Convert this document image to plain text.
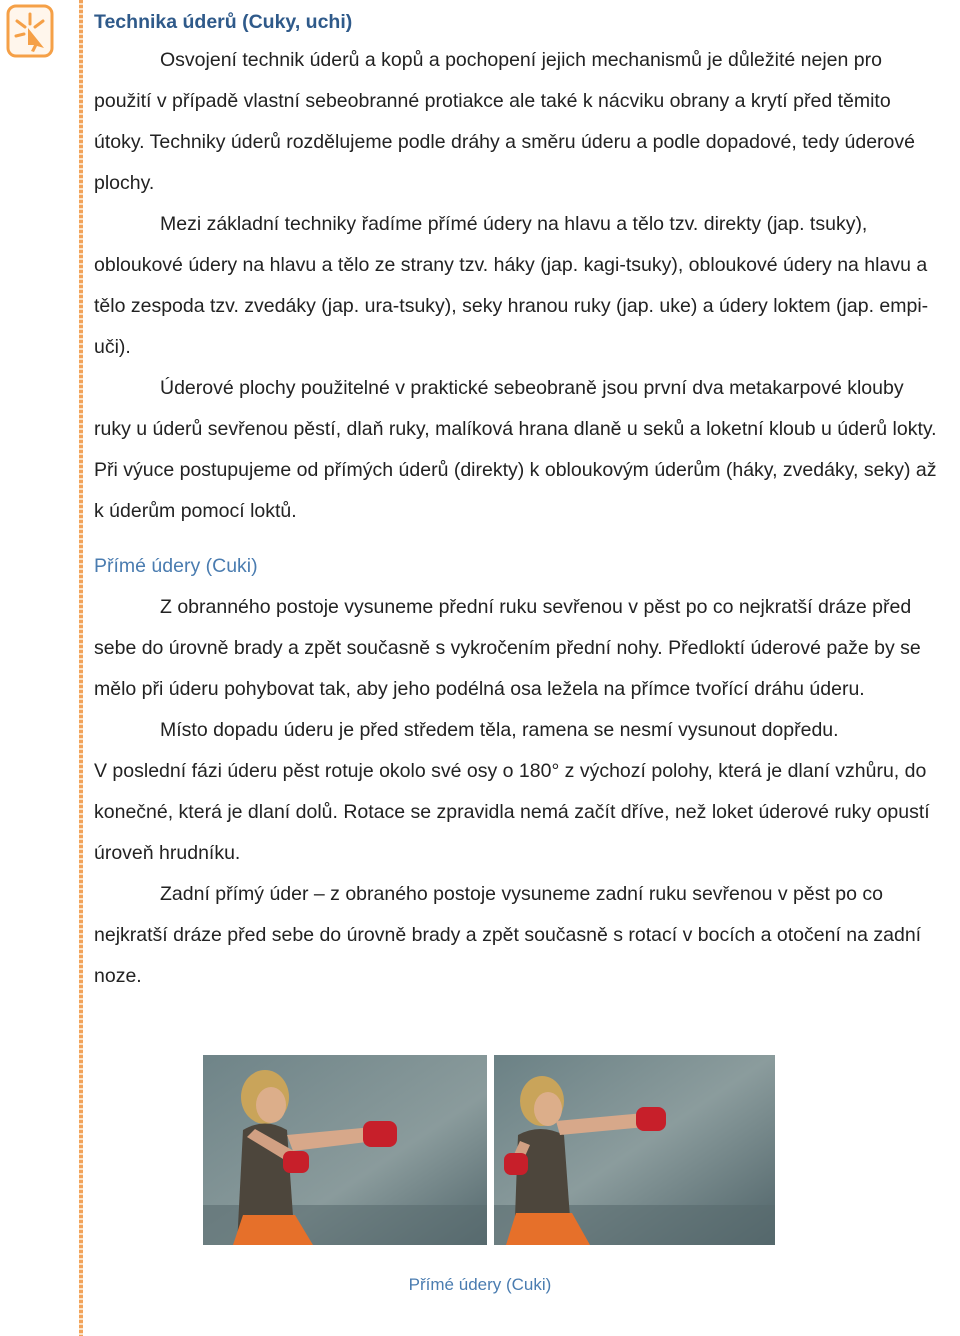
Technika úderů (Cuky, uchi)

Osvojení technik úderů a kopů a pochopení jejich mechanismů je důležité nejen pro použití v případě vlastní sebeobranné protiakce ale také k nácviku obrany a krytí před těmito útoky. Techniky úderů rozdělujeme podle dráhy a směru úderu a podle dopadové, tedy úderové plochy.

Mezi základní techniky řadíme přímé údery na hlavu a tělo tzv. direkty (jap. tsuky), obloukové údery na hlavu a tělo ze strany tzv. háky (jap. kagi-tsuky), obloukové údery na hlavu a tělo zespoda tzv. zvedáky (jap. ura-tsuky), seky hranou ruky (jap. uke) a údery loktem (jap. empi-uči).

Úderové plochy použitelné v praktické sebeobraně jsou první dva metakarpové klouby ruky u úderů sevřenou pěstí, dlaň ruky, malíková hrana dlaně u seků a loketní kloub u úderů lokty. Při výuce postupujeme od přímých úderů (direkty) k obloukovým úderům (háky, zvedáky, seky) až k úderům pomocí loktů.

Přímé údery (Cuki)

Z obranného postoje vysuneme přední ruku sevřenou v pěst po co nejkratší dráze před sebe do úrovně brady a zpět současně s vykročením přední nohy. Předloktí úderové paže by se mělo při úderu pohybovat tak, aby jeho podélná osa ležela na přímce tvořící dráhu úderu.

Místo dopadu úderu je před středem těla, ramena se nesmí vysunout dopředu.

V poslední fázi úderu pěst rotuje okolo své osy o 180° z výchozí polohy, která je dlaní vzhůru, do konečné, která je dlaní dolů. Rotace se zpravidla nemá začít dříve, než loket úderové ruky opustí úroveň hrudníku.

Zadní přímý úder – z obraného postoje vysuneme zadní ruku sevřenou v pěst po co nejkratší dráze před sebe do úrovně brady a zpět současně s rotací v bocích a otočení na zadní noze.

Přímé údery (Cuki)
